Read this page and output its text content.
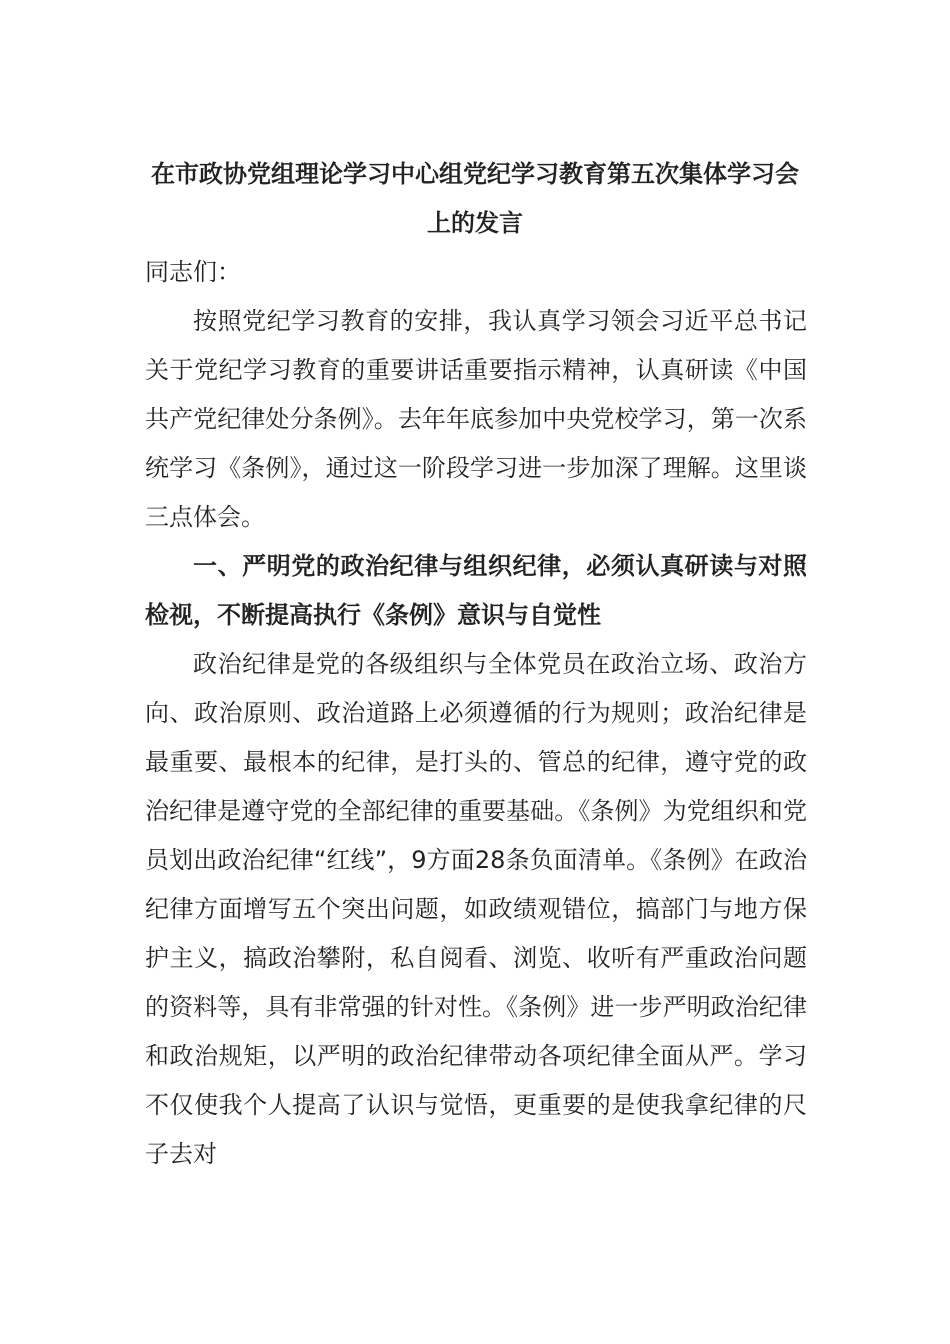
在市政协党组理论学习中心组党纪学习教育第五次集体学习会上的发言

同志们：

按照党纪学习教育的安排，我认真学习领会习近平总书记关于党纪学习教育的重要讲话重要指示精神，认真研读《中国共产党纪律处分条例》。去年年底参加中央党校学习，第一次系统学习《条例》，通过这一阶段学习进一步加深了理解。这里谈三点体会。

一、严明党的政治纪律与组织纪律，必须认真研读与对照检视，不断提高执行《条例》意识与自觉性

政治纪律是党的各级组织与全体党员在政治立场、政治方向、政治原则、政治道路上必须遵循的行为规则；政治纪律是最重要、最根本的纪律，是打头的、管总的纪律，遵守党的政治纪律是遵守党的全部纪律的重要基础。《条例》为党组织和党员划出政治纪律“红线”，9方面28条负面清单。《条例》在政治纪律方面增写五个突出问题，如政绩观错位，搞部门与地方保护主义，搞政治攀附，私自阅看、浏览、收听有严重政治问题的资料等，具有非常强的针对性。《条例》进一步严明政治纪律和政治规矩，以严明的政治纪律带动各项纪律全面从严。学习不仅使我个人提高了认识与觉悟，更重要的是使我拿纪律的尺子去对
